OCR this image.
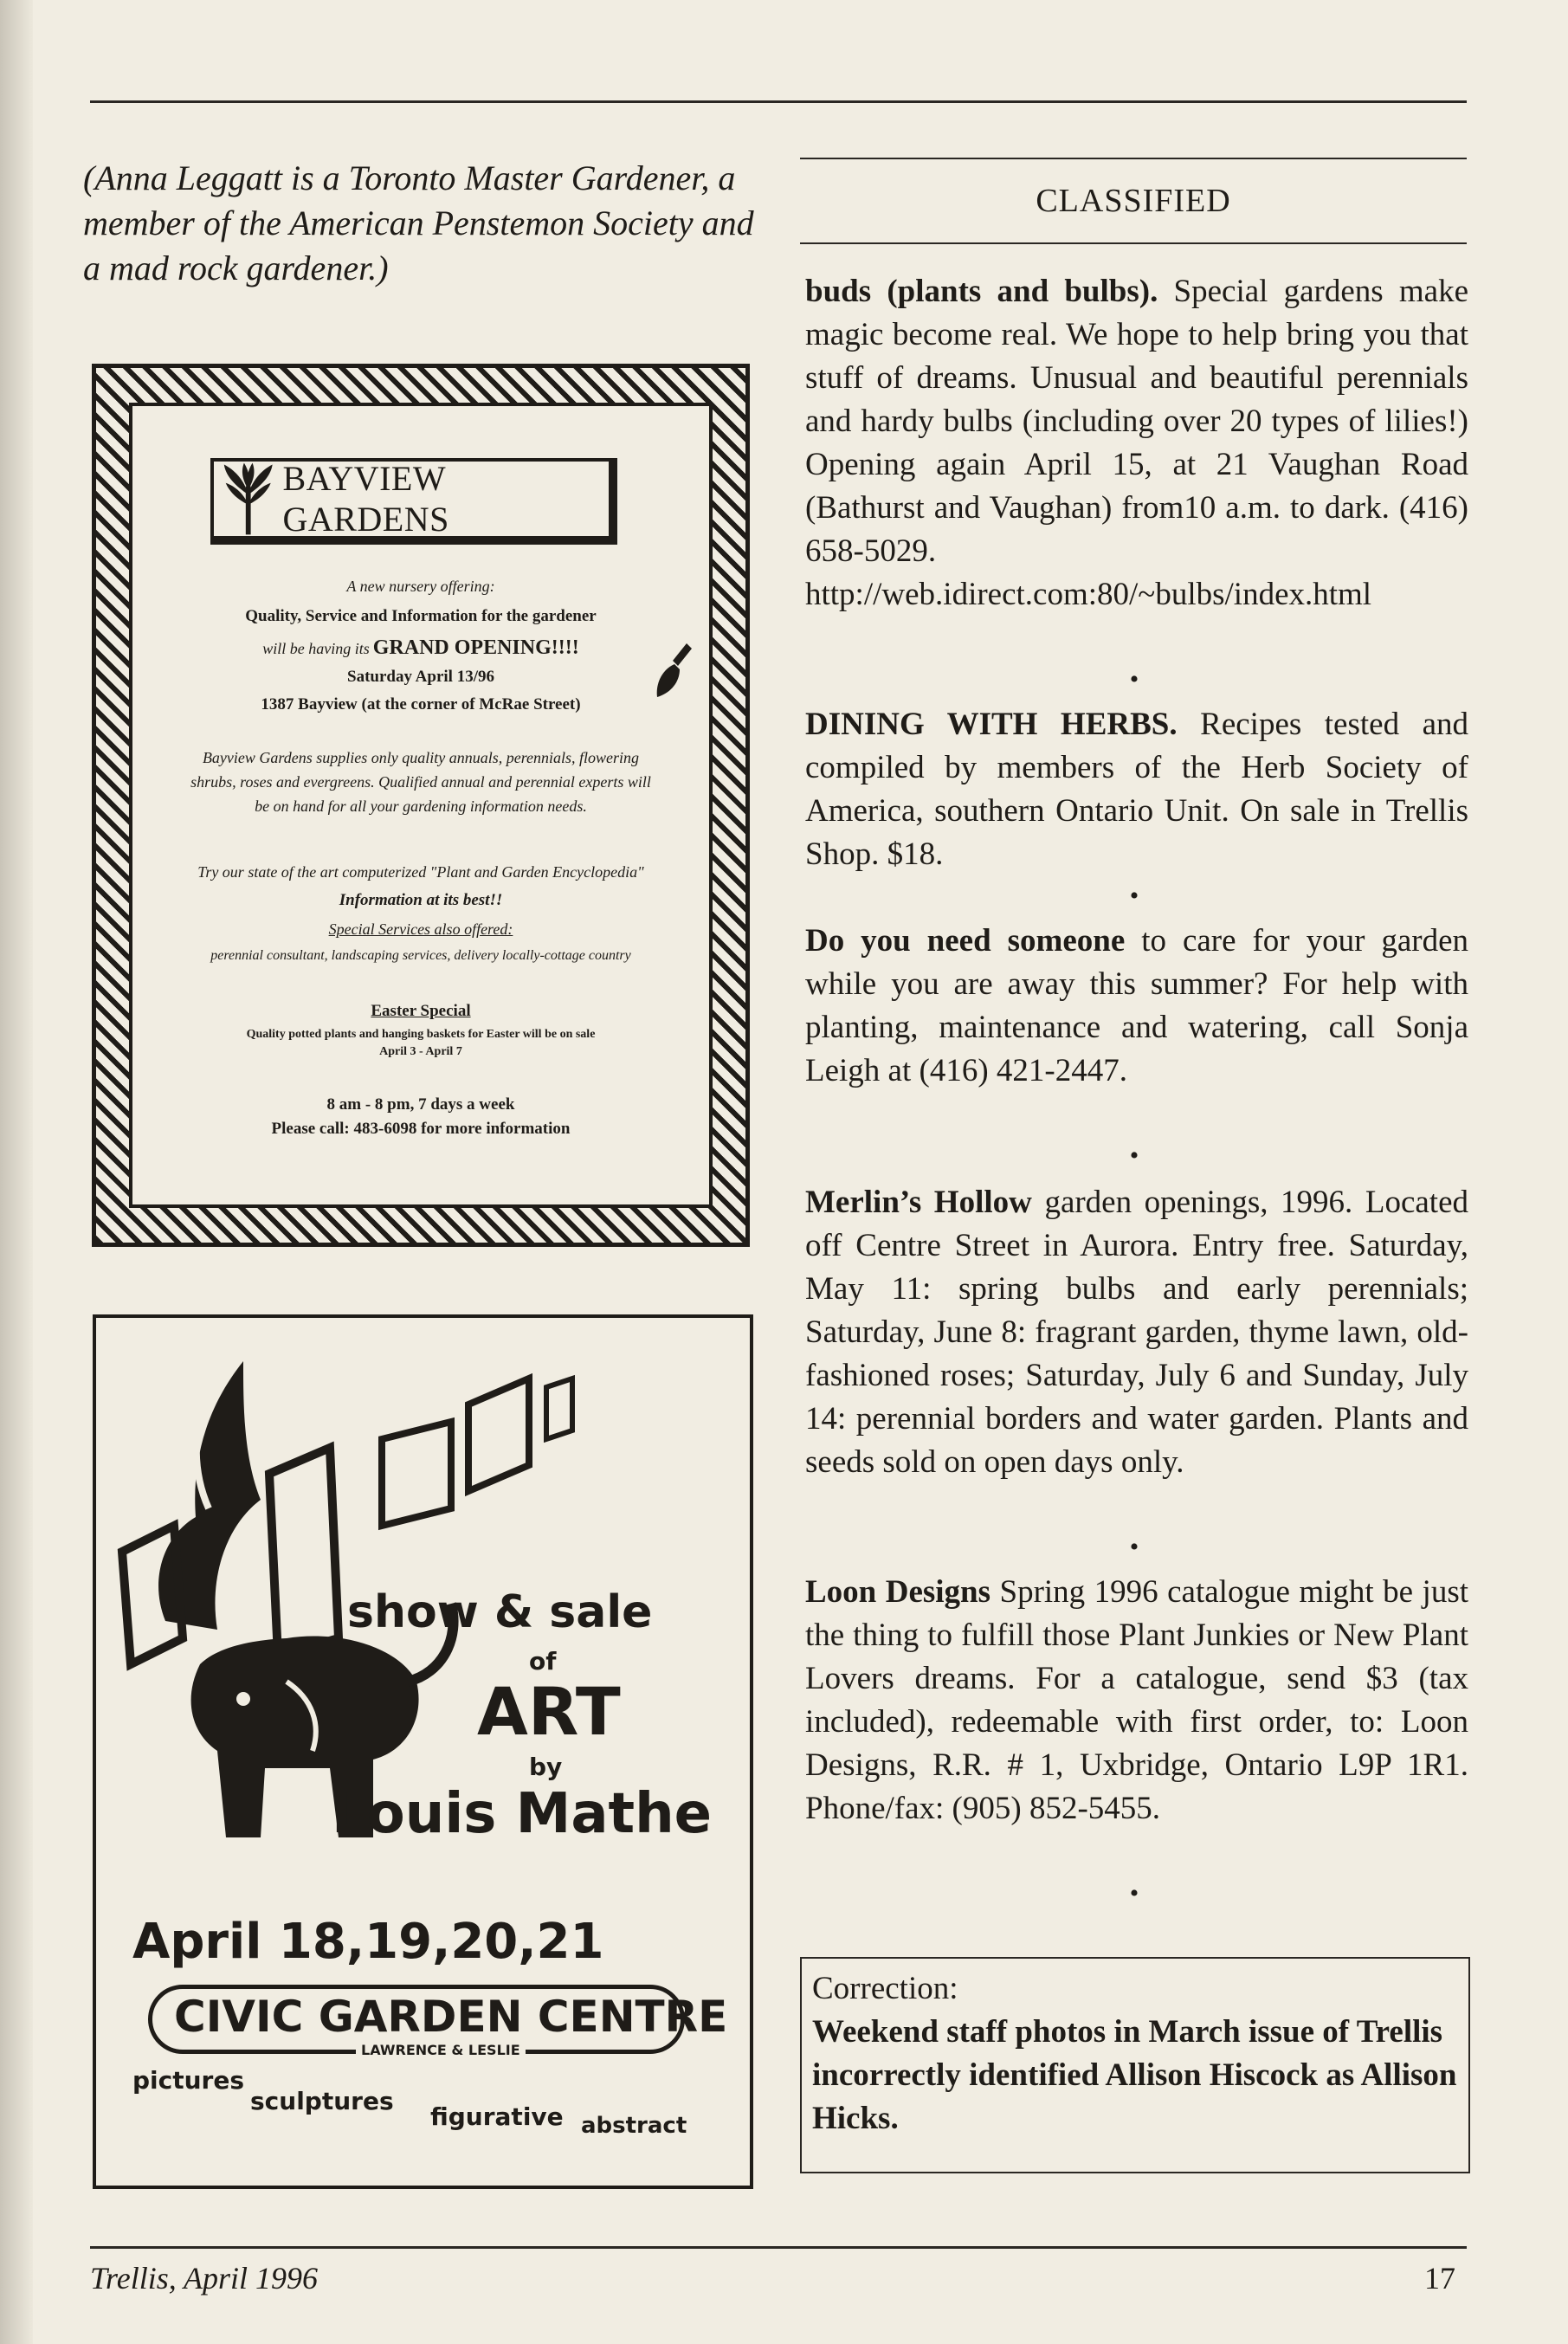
(Anna Leggatt is a Toronto Master Gardener, a member of the American Penstemon Society and a mad rock gardener.)
BAYVIEW GARDENS
A new nursery offering:
Quality, Service and Information for the gardener
will be having its GRAND OPENING!!!!
Saturday April 13/96
1387 Bayview (at the corner of McRae Street)
Bayview Gardens supplies only quality annuals, perennials, flowering
shrubs, roses and evergreens. Qualified annual and perennial experts will
be on hand for all your gardening information needs.
Try our state of the art computerized "Plant and Garden Encyclopedia"
Information at its best!!
Special Services also offered:
perennial consultant, landscaping services, delivery locally-cottage country
Easter Special
Quality potted plants and hanging baskets for Easter will be on sale
April 3 - April 7
8 am - 8 pm, 7 days a week
Please call: 483-6098 for more information
show & sale
of
ART
by
Louis Mathe
April 18,19,20,21
CIVIC GARDEN CENTRE
LAWRENCE & LESLIE
pictures
sculptures
figurative abstract
CLASSIFIED
buds (plants and bulbs). Special gardens make magic become real. We hope to help bring you that stuff of dreams. Unusual and beautiful perennials and hardy bulbs (including over 20 types of lilies!) Opening again April 15, at 21 Vaughan Road (Bathurst and Vaughan) from10 a.m. to dark. (416) 658-5029. http://web.idirect.com:80/~bulbs/index.html
•
DINING WITH HERBS. Recipes tested and compiled by members of the Herb Society of America, southern Ontario Unit. On sale in Trellis Shop. $18.
•
Do you need someone to care for your garden while you are away this summer? For help with planting, maintenance and watering, call Sonja Leigh at (416) 421-2447.
•
Merlin’s Hollow garden openings, 1996. Located off Centre Street in Aurora. Entry free. Saturday, May 11: spring bulbs and early perennials; Saturday, June 8: fragrant garden, thyme lawn, old-fashioned roses; Saturday, July 6 and Sunday, July 14: perennial borders and water garden. Plants and seeds sold on open days only.
•
Loon Designs Spring 1996 catalogue might be just the thing to fulfill those Plant Junkies or New Plant Lovers dreams. For a catalogue, send $3 (tax included), redeemable with first order, to: Loon Designs, R.R. # 1, Uxbridge, Ontario L9P 1R1. Phone/fax: (905) 852-5455.
•
Correction:
Weekend staff photos in March issue of Trellis incorrectly identified Allison Hiscock as Allison Hicks.
Trellis, April 1996	17
